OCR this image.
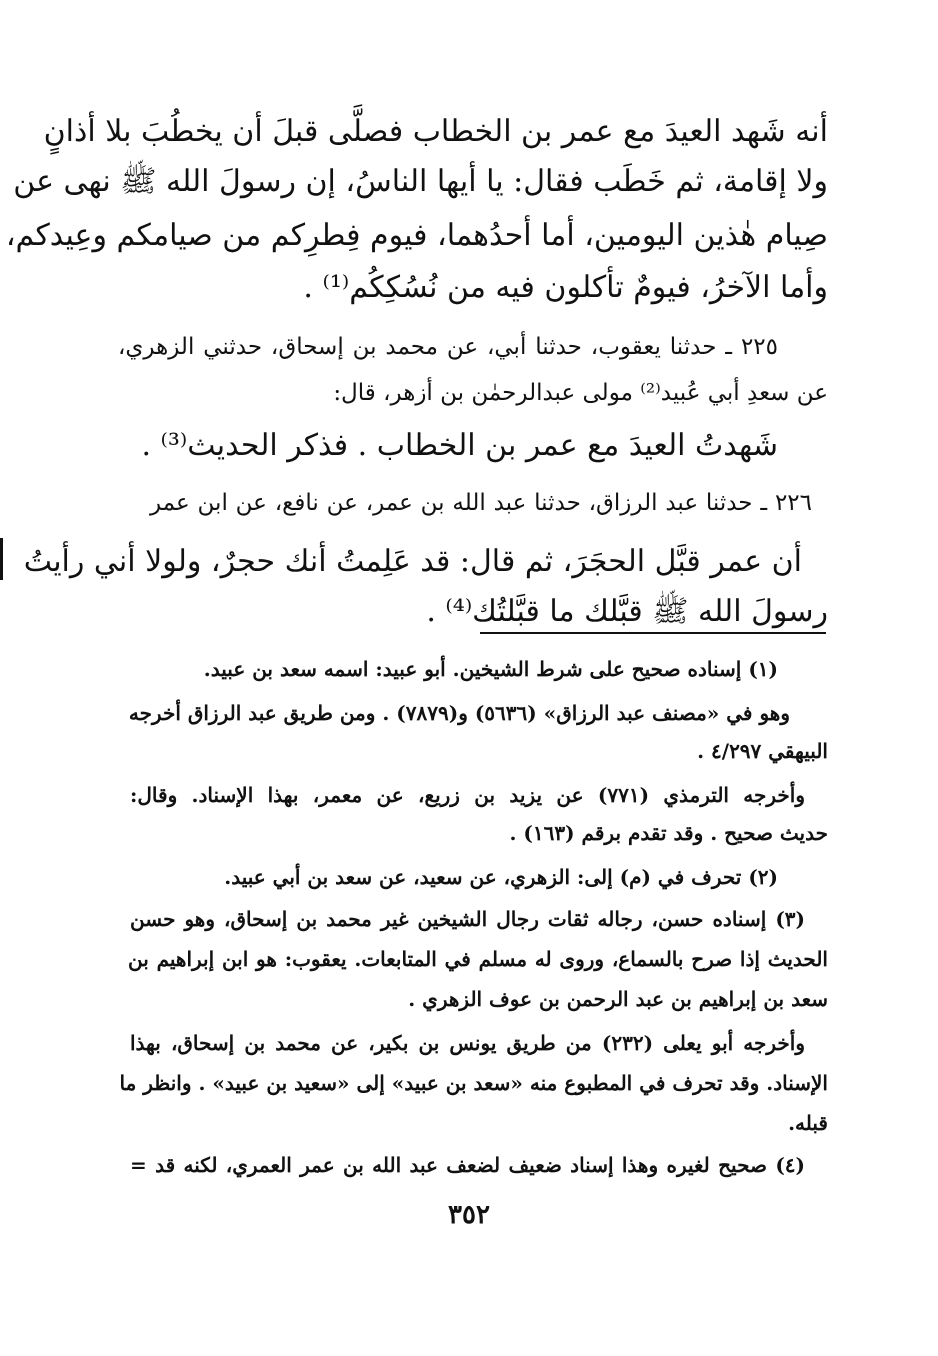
أنه شَهد العيدَ مع عمر بن الخطاب فصلَّى قبلَ أن يخطُبَ بلا أذانٍ
ولا إقامة، ثم خَطَب فقال: يا أيها الناسُ، إن رسولَ الله ﷺ نهى عن
صِيام هٰذين اليومين، أما أحدُهما، فيوم فِطرِكم من صيامكم وعِيدكم،
وأما الآخرُ، فيومٌ تأكلون فيه من نُسُكِكُم⁽¹⁾ .
٢٢٥ ـ حدثنا يعقوب، حدثنا أبي، عن محمد بن إسحاق، حدثني الزهري،
عن سعدِ أبي عُبيد⁽²⁾ مولى عبدالرحمٰن بن أزهر، قال:
شَهدتُ العيدَ مع عمر بن الخطاب . فذكر الحديث⁽³⁾ .
٢٢٦ ـ حدثنا عبد الرزاق، حدثنا عبد الله بن عمر، عن نافع، عن ابن عمر
أن عمر قبَّل الحجَرَ، ثم قال: قد عَلِمتُ أنك حجرٌ، ولولا أني رأيتُ
رسولَ الله ﷺ قبَّلك ما قبَّلتُك⁽⁴⁾ .
(١) إسناده صحيح على شرط الشيخين. أبو عبيد: اسمه سعد بن عبيد.
وهو في «مصنف عبد الرزاق» (٥٦٣٦) و(٧٨٧٩) . ومن طريق عبد الرزاق أخرجه
البيهقي ٤/٢٩٧ .
وأخرجه الترمذي (٧٧١) عن يزيد بن زريع، عن معمر، بهذا الإسناد. وقال:
حديث صحيح . وقد تقدم برقم (١٦٣) .
(٢) تحرف في (م) إلى: الزهري، عن سعيد، عن سعد بن أبي عبيد.
(٣) إسناده حسن، رجاله ثقات رجال الشيخين غير محمد بن إسحاق، وهو حسن
الحديث إذا صرح بالسماع، وروى له مسلم في المتابعات. يعقوب: هو ابن إبراهيم بن
سعد بن إبراهيم بن عبد الرحمن بن عوف الزهري .
وأخرجه أبو يعلى (٢٣٢) من طريق يونس بن بكير، عن محمد بن إسحاق، بهذا
الإسناد. وقد تحرف في المطبوع منه «سعد بن عبيد» إلى «سعيد بن عبيد» . وانظر ما
قبله.
(٤) صحيح لغيره وهذا إسناد ضعيف لضعف عبد الله بن عمر العمري، لكنه قد =
٣٥٢
